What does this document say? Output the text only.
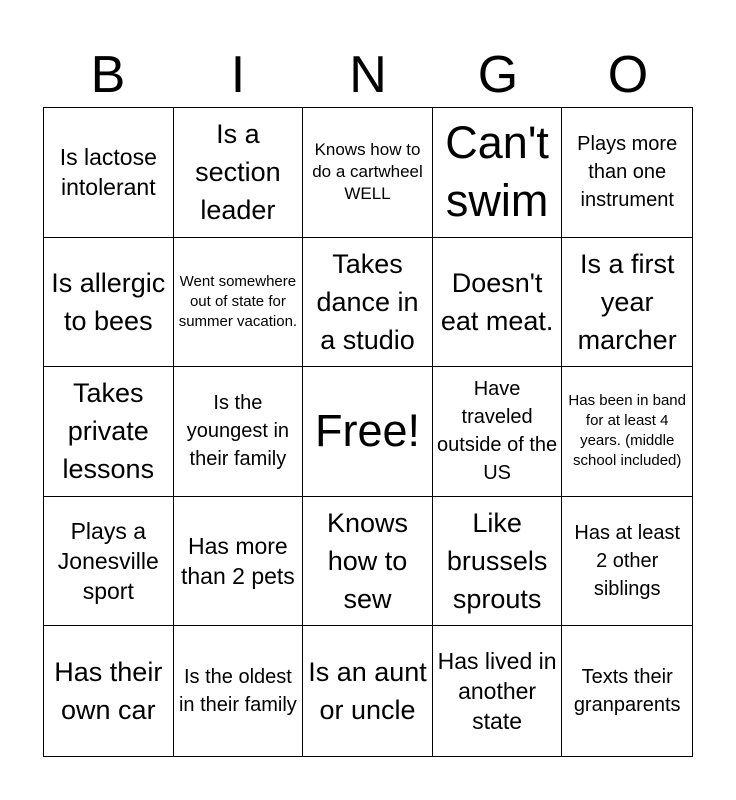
B	I	N	G	O
Is lactose intolerant
Is a section leader
Knows how to do a cartwheel WELL
Can't swim
Plays more than one instrument
Is allergic to bees
Went somewhere out of state for summer vacation.
Takes dance in a studio
Doesn't eat meat.
Is a first year marcher
Takes private lessons
Is the youngest in their family
Free!
Have traveled outside of the US
Has been in band for at least 4 years. (middle school included)
Plays a Jonesville sport
Has more than 2 pets
Knows how to sew
Like brussels sprouts
Has at least 2 other siblings
Has their own car
Is the oldest in their family
Is an aunt or uncle
Has lived in another state
Texts their granparents
